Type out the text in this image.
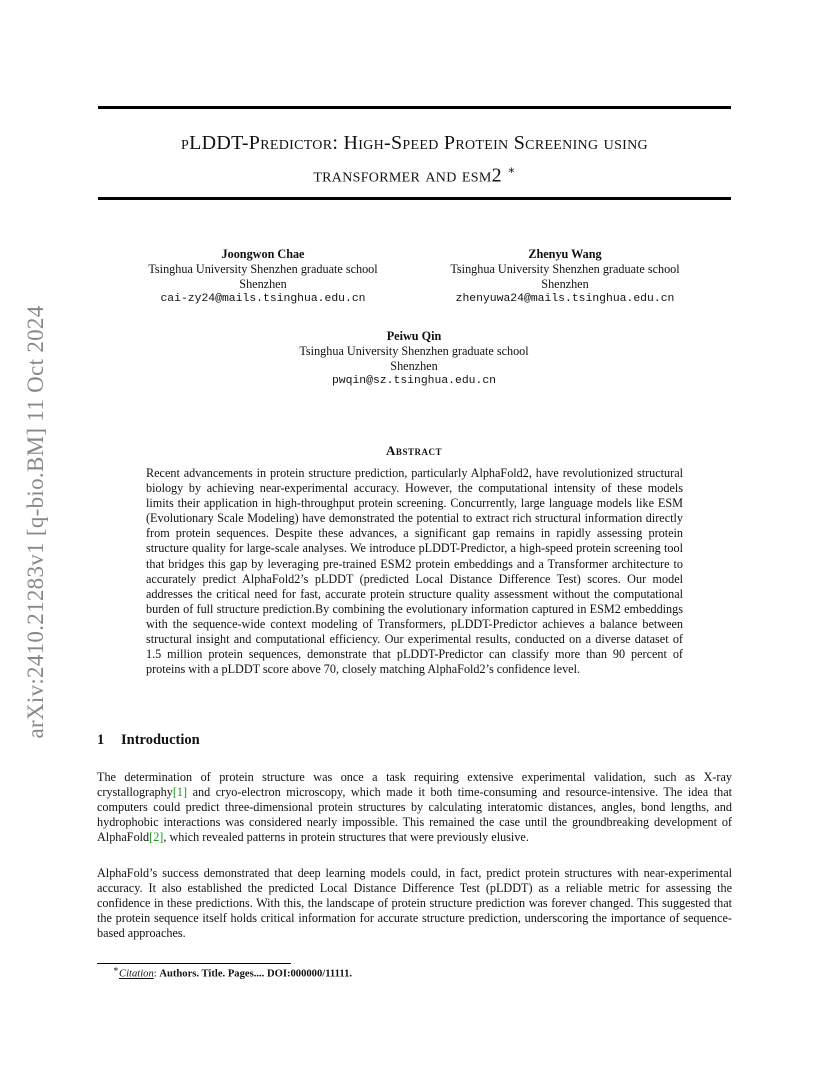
arXiv:2410.21283v1 [q-bio.BM] 11 Oct 2024
pLDDT-Predictor: High-Speed Protein Screening using
transformer and esm2 ∗
Joongwon Chae
Tsinghua University Shenzhen graduate school
Shenzhen
cai-zy24@mails.tsinghua.edu.cn
Zhenyu Wang
Tsinghua University Shenzhen graduate school
Shenzhen
zhenyuwa24@mails.tsinghua.edu.cn
Peiwu Qin
Tsinghua University Shenzhen graduate school
Shenzhen
pwqin@sz.tsinghua.edu.cn
Abstract

Recent advancements in protein structure prediction, particularly AlphaFold2, have revolutionized structural biology by achieving near-experimental accuracy. However, the computational intensity of these models limits their application in high-throughput protein screening. Concurrently, large language models like ESM (Evolutionary Scale Modeling) have demonstrated the potential to extract rich structural information directly from protein sequences. Despite these advances, a significant gap remains in rapidly assessing protein structure quality for large-scale analyses. We introduce pLDDT-Predictor, a high-speed protein screening tool that bridges this gap by leveraging pre-trained ESM2 protein embeddings and a Transformer architecture to accurately predict AlphaFold2’s pLDDT (predicted Local Distance Difference Test) scores. Our model addresses the critical need for fast, accurate protein structure quality assessment without the computational burden of full structure prediction.By combining the evolutionary information captured in ESM2 embeddings with the sequence-wide context modeling of Transformers, pLDDT-Predictor achieves a balance between structural insight and computational efficiency. Our experimental results, conducted on a diverse dataset of 1.5 million protein sequences, demonstrate that pLDDT-Predictor can classify more than 90 percent of proteins with a pLDDT score above 70, closely matching AlphaFold2’s confidence level.

1 Introduction

The determination of protein structure was once a task requiring extensive experimental validation, such as X-ray crystallography[1] and cryo-electron microscopy, which made it both time-consuming and resource-intensive. The idea that computers could predict three-dimensional protein structures by calculating interatomic distances, angles, bond lengths, and hydrophobic interactions was considered nearly impossible. This remained the case until the groundbreaking development of AlphaFold[2], which revealed patterns in protein structures that were previously elusive.

AlphaFold’s success demonstrated that deep learning models could, in fact, predict protein structures with near-experimental accuracy. It also established the predicted Local Distance Difference Test (pLDDT) as a reliable metric for assessing the confidence in these predictions. With this, the landscape of protein structure prediction was forever changed. This suggested that the protein sequence itself holds critical information for accurate structure prediction, underscoring the importance of sequence-based approaches.

∗Citation: Authors. Title. Pages.... DOI:000000/11111.
